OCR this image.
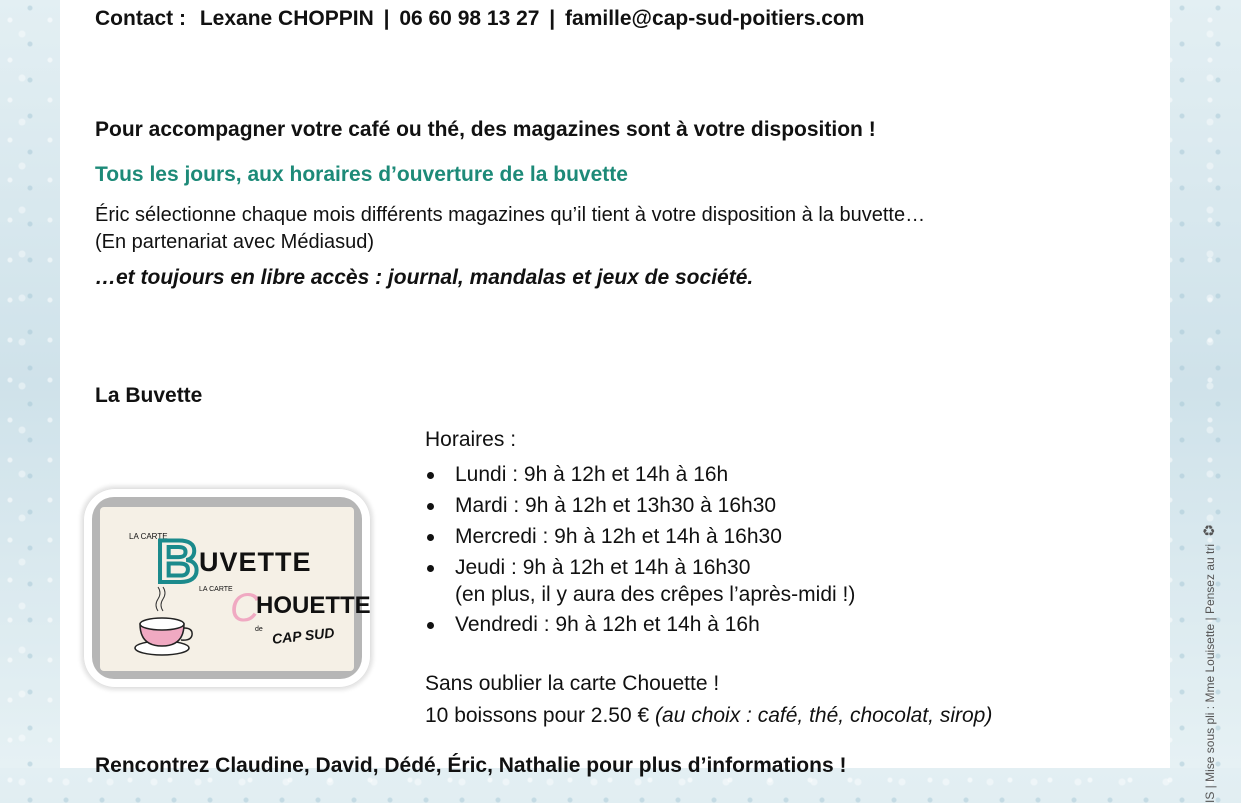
Contact : Lexane CHOPPIN | 06 60 98 13 27 | famille@cap-sud-poitiers.com
Pour accompagner votre café ou thé, des magazines sont à votre disposition !
Tous les jours, aux horaires d’ouverture de la buvette
Éric sélectionne chaque mois différents magazines qu’il tient à votre disposition à la buvette…
(En partenariat avec Médiasud)
…et toujours en libre accès : journal, mandalas et jeux de société.
La Buvette
LA CARTE
B UVETTE
LA CARTE
C
HOUETTE
de CAP SUD
Horaires :
Lundi : 9h à 12h et 14h à 16h
Mardi : 9h à 12h et 13h30 à 16h30
Mercredi : 9h à 12h et 14h à 16h30
Jeudi : 9h à 12h et 14h à 16h30
(en plus, il y aura des crêpes l’après-midi !)
Vendredi : 9h à 12h et 14h à 16h
Sans oublier la carte Chouette !
10 boissons pour 2.50 € (au choix : café, thé, chocolat, sirop)
Rencontrez Claudine, David, Dédé, Éric, Nathalie pour plus d’informations !
♻
IS | Mise sous pli : Mme Louisette | Pensez au tri
